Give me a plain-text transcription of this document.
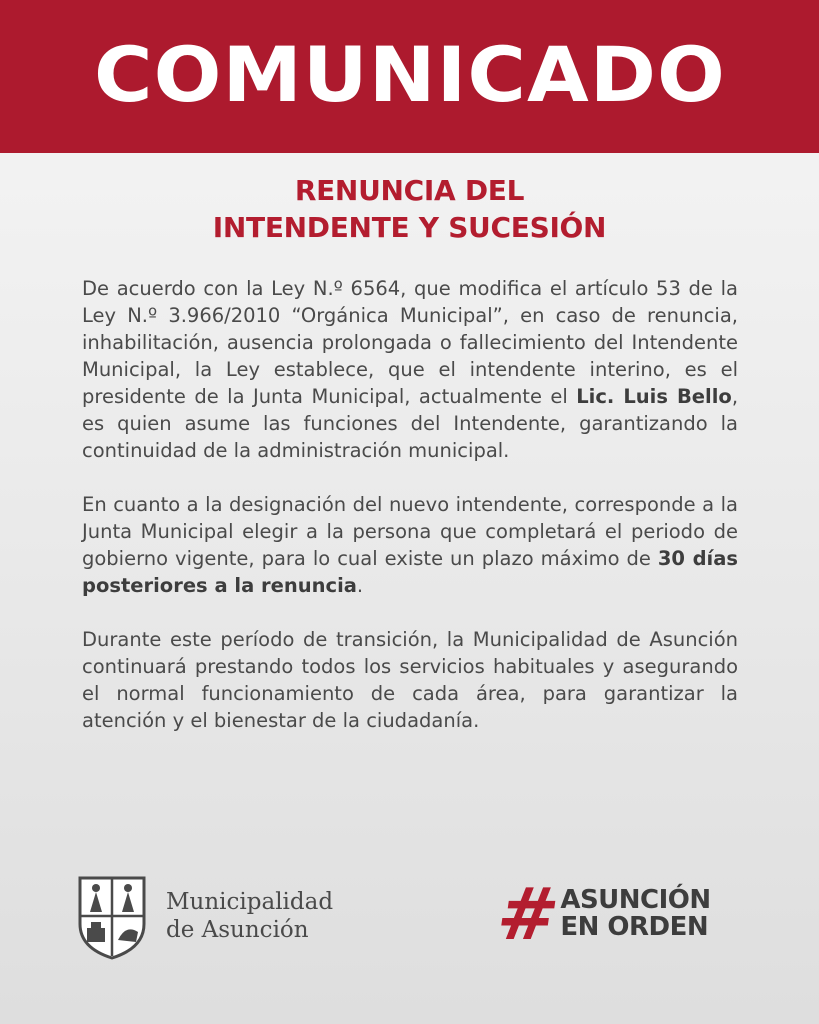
COMUNICADO
RENUNCIA DEL
INTENDENTE Y SUCESIÓN

De acuerdo con la Ley N.º 6564, que modifica el artículo 53 de la Ley N.º 3.966/2010 “Orgánica Municipal”, en caso de renuncia, inhabilitación, ausencia prolongada o fallecimiento del Intendente Municipal, la Ley establece, que el intendente interino, es el presidente de la Junta Municipal, actualmente el Lic. Luis Bello, es quien asume las funciones del Intendente, garantizando la continuidad de la administración municipal.

En cuanto a la designación del nuevo intendente, corresponde a la Junta Municipal elegir a la persona que completará el periodo de gobierno vigente, para lo cual existe un plazo máximo de 30 días posteriores a la renuncia.

Durante este período de transición, la Municipalidad de Asunción continuará prestando todos los servicios habituales y asegurando el normal funcionamiento de cada área, para garantizar la atención y el bienestar de la ciudadanía.

Municipalidad
de Asunción	#
ASUNCIÓN
EN ORDEN
